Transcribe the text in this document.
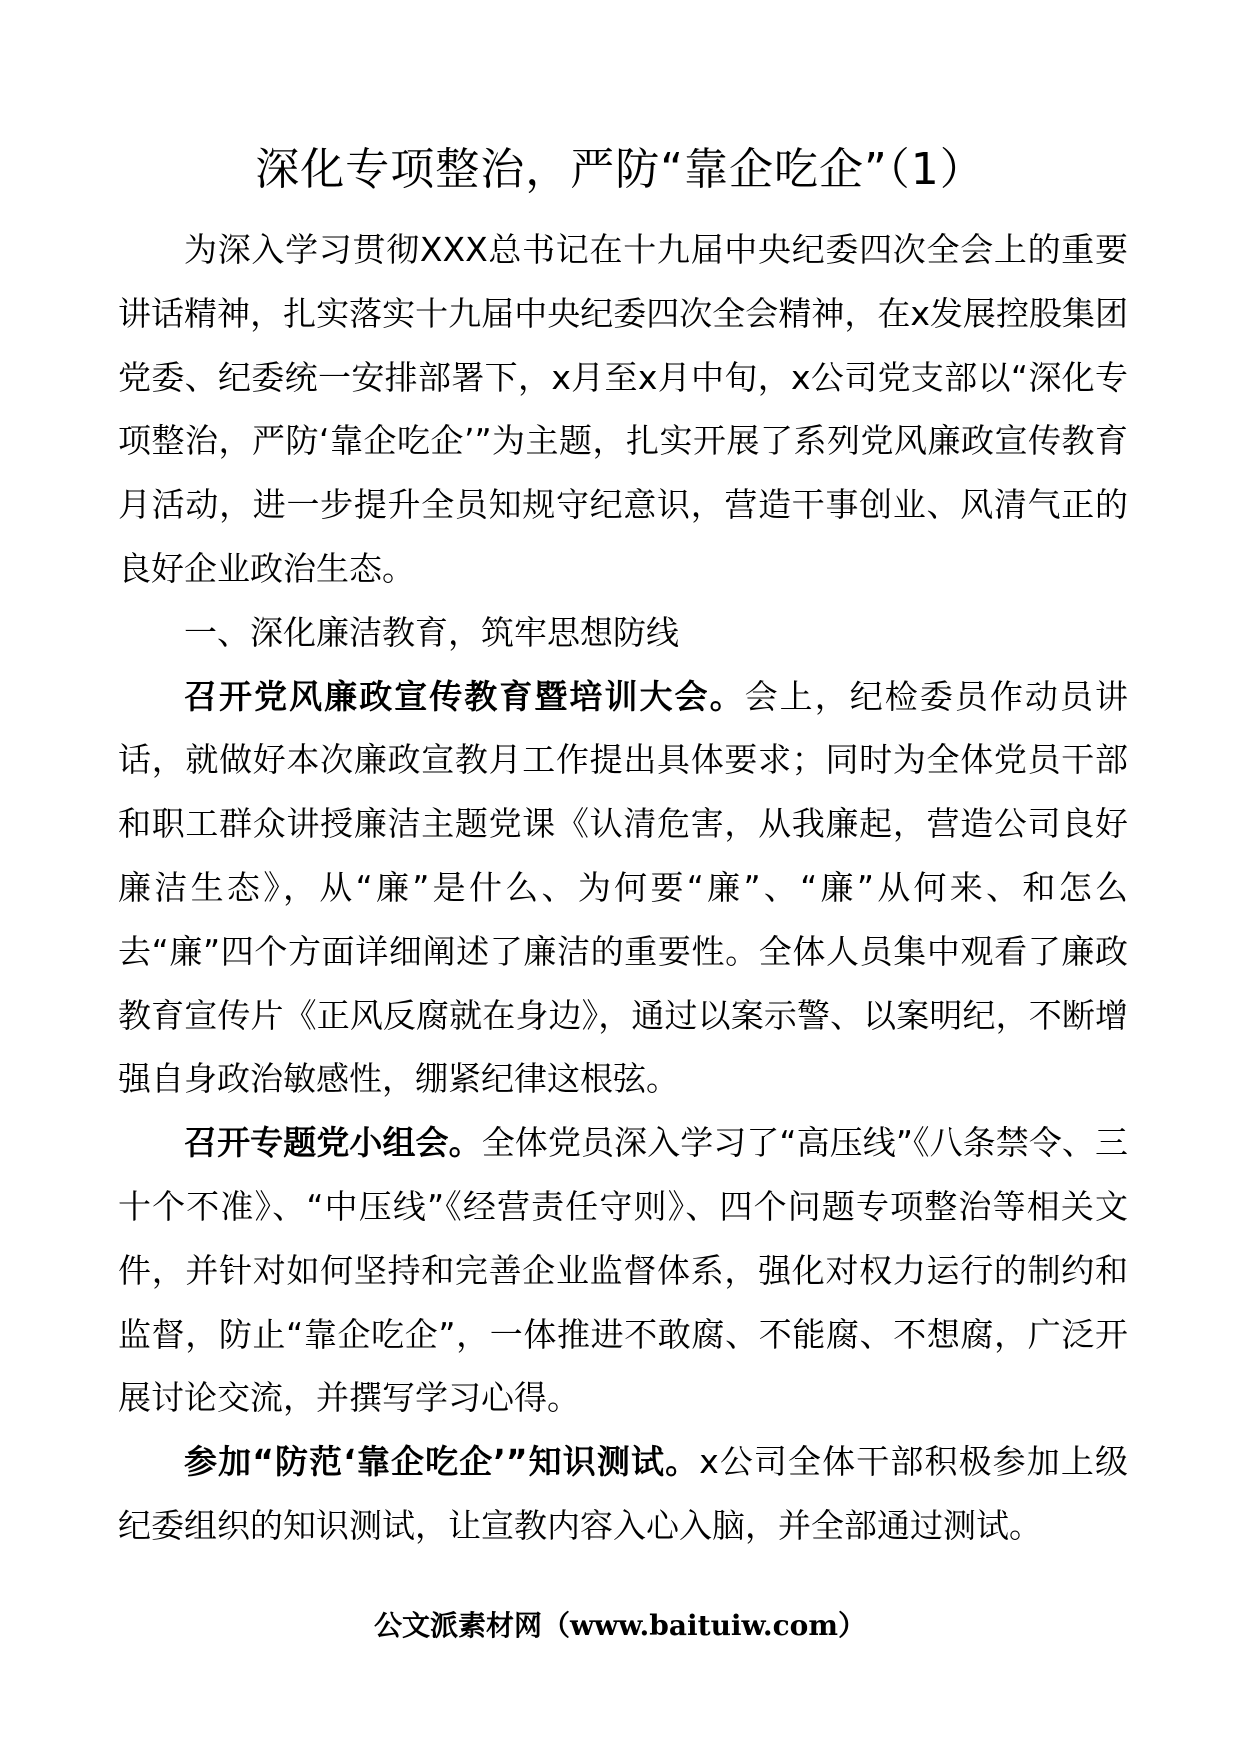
深化专项整治，严防“靠企吃企”（1）

为深入学习贯彻XXX总书记在十九届中央纪委四次全会上的重要讲话精神，扎实落实十九届中央纪委四次全会精神，在x发展控股集团党委、纪委统一安排部署下，x月至x月中旬，x公司党支部以“深化专项整治，严防‘靠企吃企’”为主题，扎实开展了系列党风廉政宣传教育月活动，进一步提升全员知规守纪意识，营造干事创业、风清气正的良好企业政治生态。

一、深化廉洁教育，筑牢思想防线

召开党风廉政宣传教育暨培训大会。会上，纪检委员作动员讲话，就做好本次廉政宣教月工作提出具体要求；同时为全体党员干部和职工群众讲授廉洁主题党课《认清危害，从我廉起，营造公司良好廉洁生态》，从“廉”是什么、为何要“廉”、“廉”从何来、和怎么去“廉”四个方面详细阐述了廉洁的重要性。全体人员集中观看了廉政教育宣传片《正风反腐就在身边》，通过以案示警、以案明纪，不断增强自身政治敏感性，绷紧纪律这根弦。

召开专题党小组会。全体党员深入学习了“高压线”《八条禁令、三十个不准》、“中压线”《经营责任守则》、四个问题专项整治等相关文件，并针对如何坚持和完善企业监督体系，强化对权力运行的制约和监督，防止“靠企吃企”，一体推进不敢腐、不能腐、不想腐，广泛开展讨论交流，并撰写学习心得。

参加“防范‘靠企吃企’”知识测试。x公司全体干部积极参加上级纪委组织的知识测试，让宣教内容入心入脑，并全部通过测试。

公文派素材网（www.baituiw.com）
